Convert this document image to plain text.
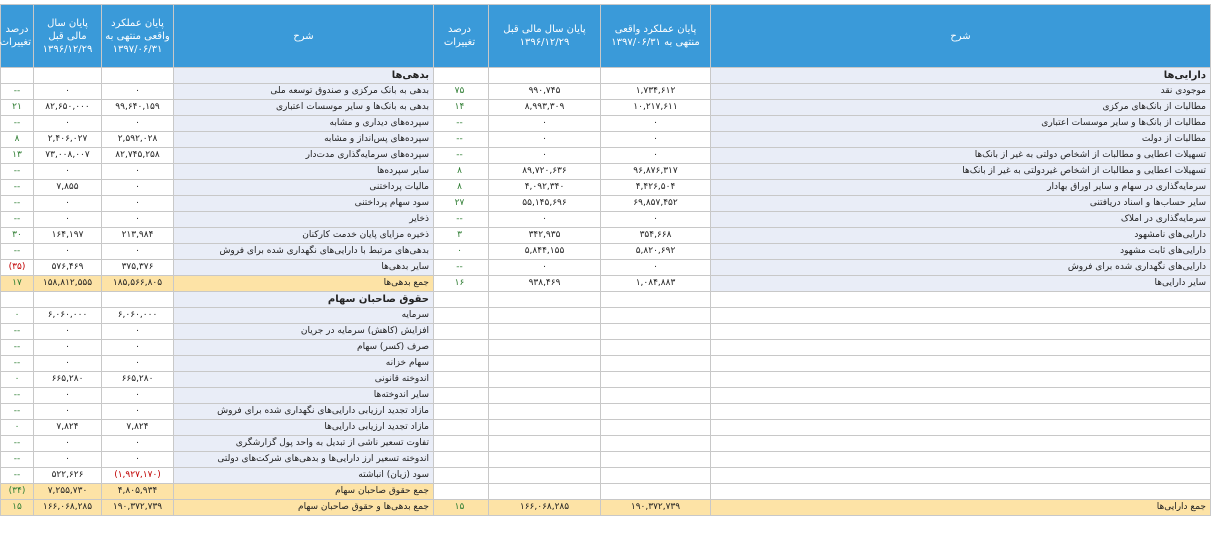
شرح	پایان عملکرد واقعی منتهی به ۱۳۹۷/۰۶/۳۱	پایان سال مالی قبل ۱۳۹۶/۱۲/۲۹	درصد تغییرات
دارایی‌ها			
موجودی نقد	۱,۷۳۴,۶۱۲	۹۹۰,۷۴۵	۷۵
مطالبات از بانک‌های مرکزی	۱۰,۲۱۷,۶۱۱	۸,۹۹۳,۳۰۹	۱۴
مطالبات از بانک‌ها و سایر موسسات اعتباری	۰	۰	--
مطالبات از دولت	۰	۰	--
تسهیلات اعطایی و مطالبات از اشخاص دولتی به غیر از بانک‌ها	۰	۰	--
تسهیلات اعطایی و مطالبات از اشخاص غیردولتی به غیر از بانک‌ها	۹۶,۸۷۶,۳۱۷	۸۹,۷۲۰,۶۳۶	۸
سرمایه‌گذاری در سهام و سایر اوراق بهادار	۴,۴۲۶,۵۰۴	۴,۰۹۲,۳۴۰	۸
سایر حساب‌ها و اسناد دریافتنی	۶۹,۸۵۷,۴۵۲	۵۵,۱۴۵,۶۹۶	۲۷
سرمایه‌گذاری در املاک	۰	۰	--
دارایی‌های نامشهود	۳۵۴,۶۶۸	۳۴۲,۹۳۵	۳
دارایی‌های ثابت مشهود	۵,۸۲۰,۶۹۲	۵,۸۴۴,۱۵۵	۰
دارایی‌های نگهداری شده برای فروش	۰	۰	--
سایر دارایی‌ها	۱,۰۸۴,۸۸۳	۹۳۸,۴۶۹	۱۶

جمع دارایی‌ها	۱۹۰,۳۷۲,۷۳۹	۱۶۶,۰۶۸,۲۸۵	۱۵
شرح	پایان عملکرد واقعی منتهی به ۱۳۹۷/۰۶/۳۱	پایان سال مالی قبل ۱۳۹۶/۱۲/۲۹	درصد تغییرات
بدهی‌ها			
بدهی به بانک مرکزی و صندوق توسعه ملی	۰	۰	--
بدهی به بانک‌ها و سایر موسسات اعتباری	۹۹,۶۴۰,۱۵۹	۸۲,۶۵۰,۰۰۰	۲۱
سپرده‌های دیداری و مشابه	۰	۰	--
سپرده‌های پس‌انداز و مشابه	۲,۵۹۲,۰۲۸	۲,۴۰۶,۰۲۷	۸
سپرده‌های سرمایه‌گذاری مدت‌دار	۸۲,۷۴۵,۲۵۸	۷۳,۰۰۸,۰۰۷	۱۳
سایر سپرده‌ها	۰	۰	--
مالیات پرداختنی	۰	۷,۸۵۵	--
سود سهام پرداختنی	۰	۰	--
ذخایر	۰	۰	--
ذخیره مزایای پایان خدمت کارکنان	۲۱۳,۹۸۴	۱۶۴,۱۹۷	۳۰
بدهی‌های مرتبط با دارایی‌های نگهداری شده برای فروش	۰	۰	--
سایر بدهی‌ها	۳۷۵,۳۷۶	۵۷۶,۴۶۹	(۳۵)
جمع بدهی‌ها	۱۸۵,۵۶۶,۸۰۵	۱۵۸,۸۱۲,۵۵۵	۱۷
حقوق صاحبان سهام			
سرمایه	۶,۰۶۰,۰۰۰	۶,۰۶۰,۰۰۰	۰
افزایش (کاهش) سرمایه در جریان	۰	۰	--
صرف (کسر) سهام	۰	۰	--
سهام خزانه	۰	۰	--
اندوخته قانونی	۶۶۵,۲۸۰	۶۶۵,۲۸۰	۰
سایر اندوخته‌ها	۰	۰	--
مازاد تجدید ارزیابی دارایی‌های نگهداری شده برای فروش	۰	۰	--
مازاد تجدید ارزیابی دارایی‌ها	۷,۸۲۴	۷,۸۲۴	۰
تفاوت تسعیر ناشی از تبدیل به واحد پول گزارشگری	۰	۰	--
اندوخته تسعیر ارز دارایی‌ها و بدهی‌های شرکت‌های دولتی	۰	۰	--
سود (زیان) انباشته	(۱,۹۲۷,۱۷۰)	۵۲۲,۶۲۶	--
جمع حقوق صاحبان سهام	۴,۸۰۵,۹۳۴	۷,۲۵۵,۷۳۰	(۳۴)
جمع بدهی‌ها و حقوق صاحبان سهام	۱۹۰,۳۷۲,۷۳۹	۱۶۶,۰۶۸,۲۸۵	۱۵
